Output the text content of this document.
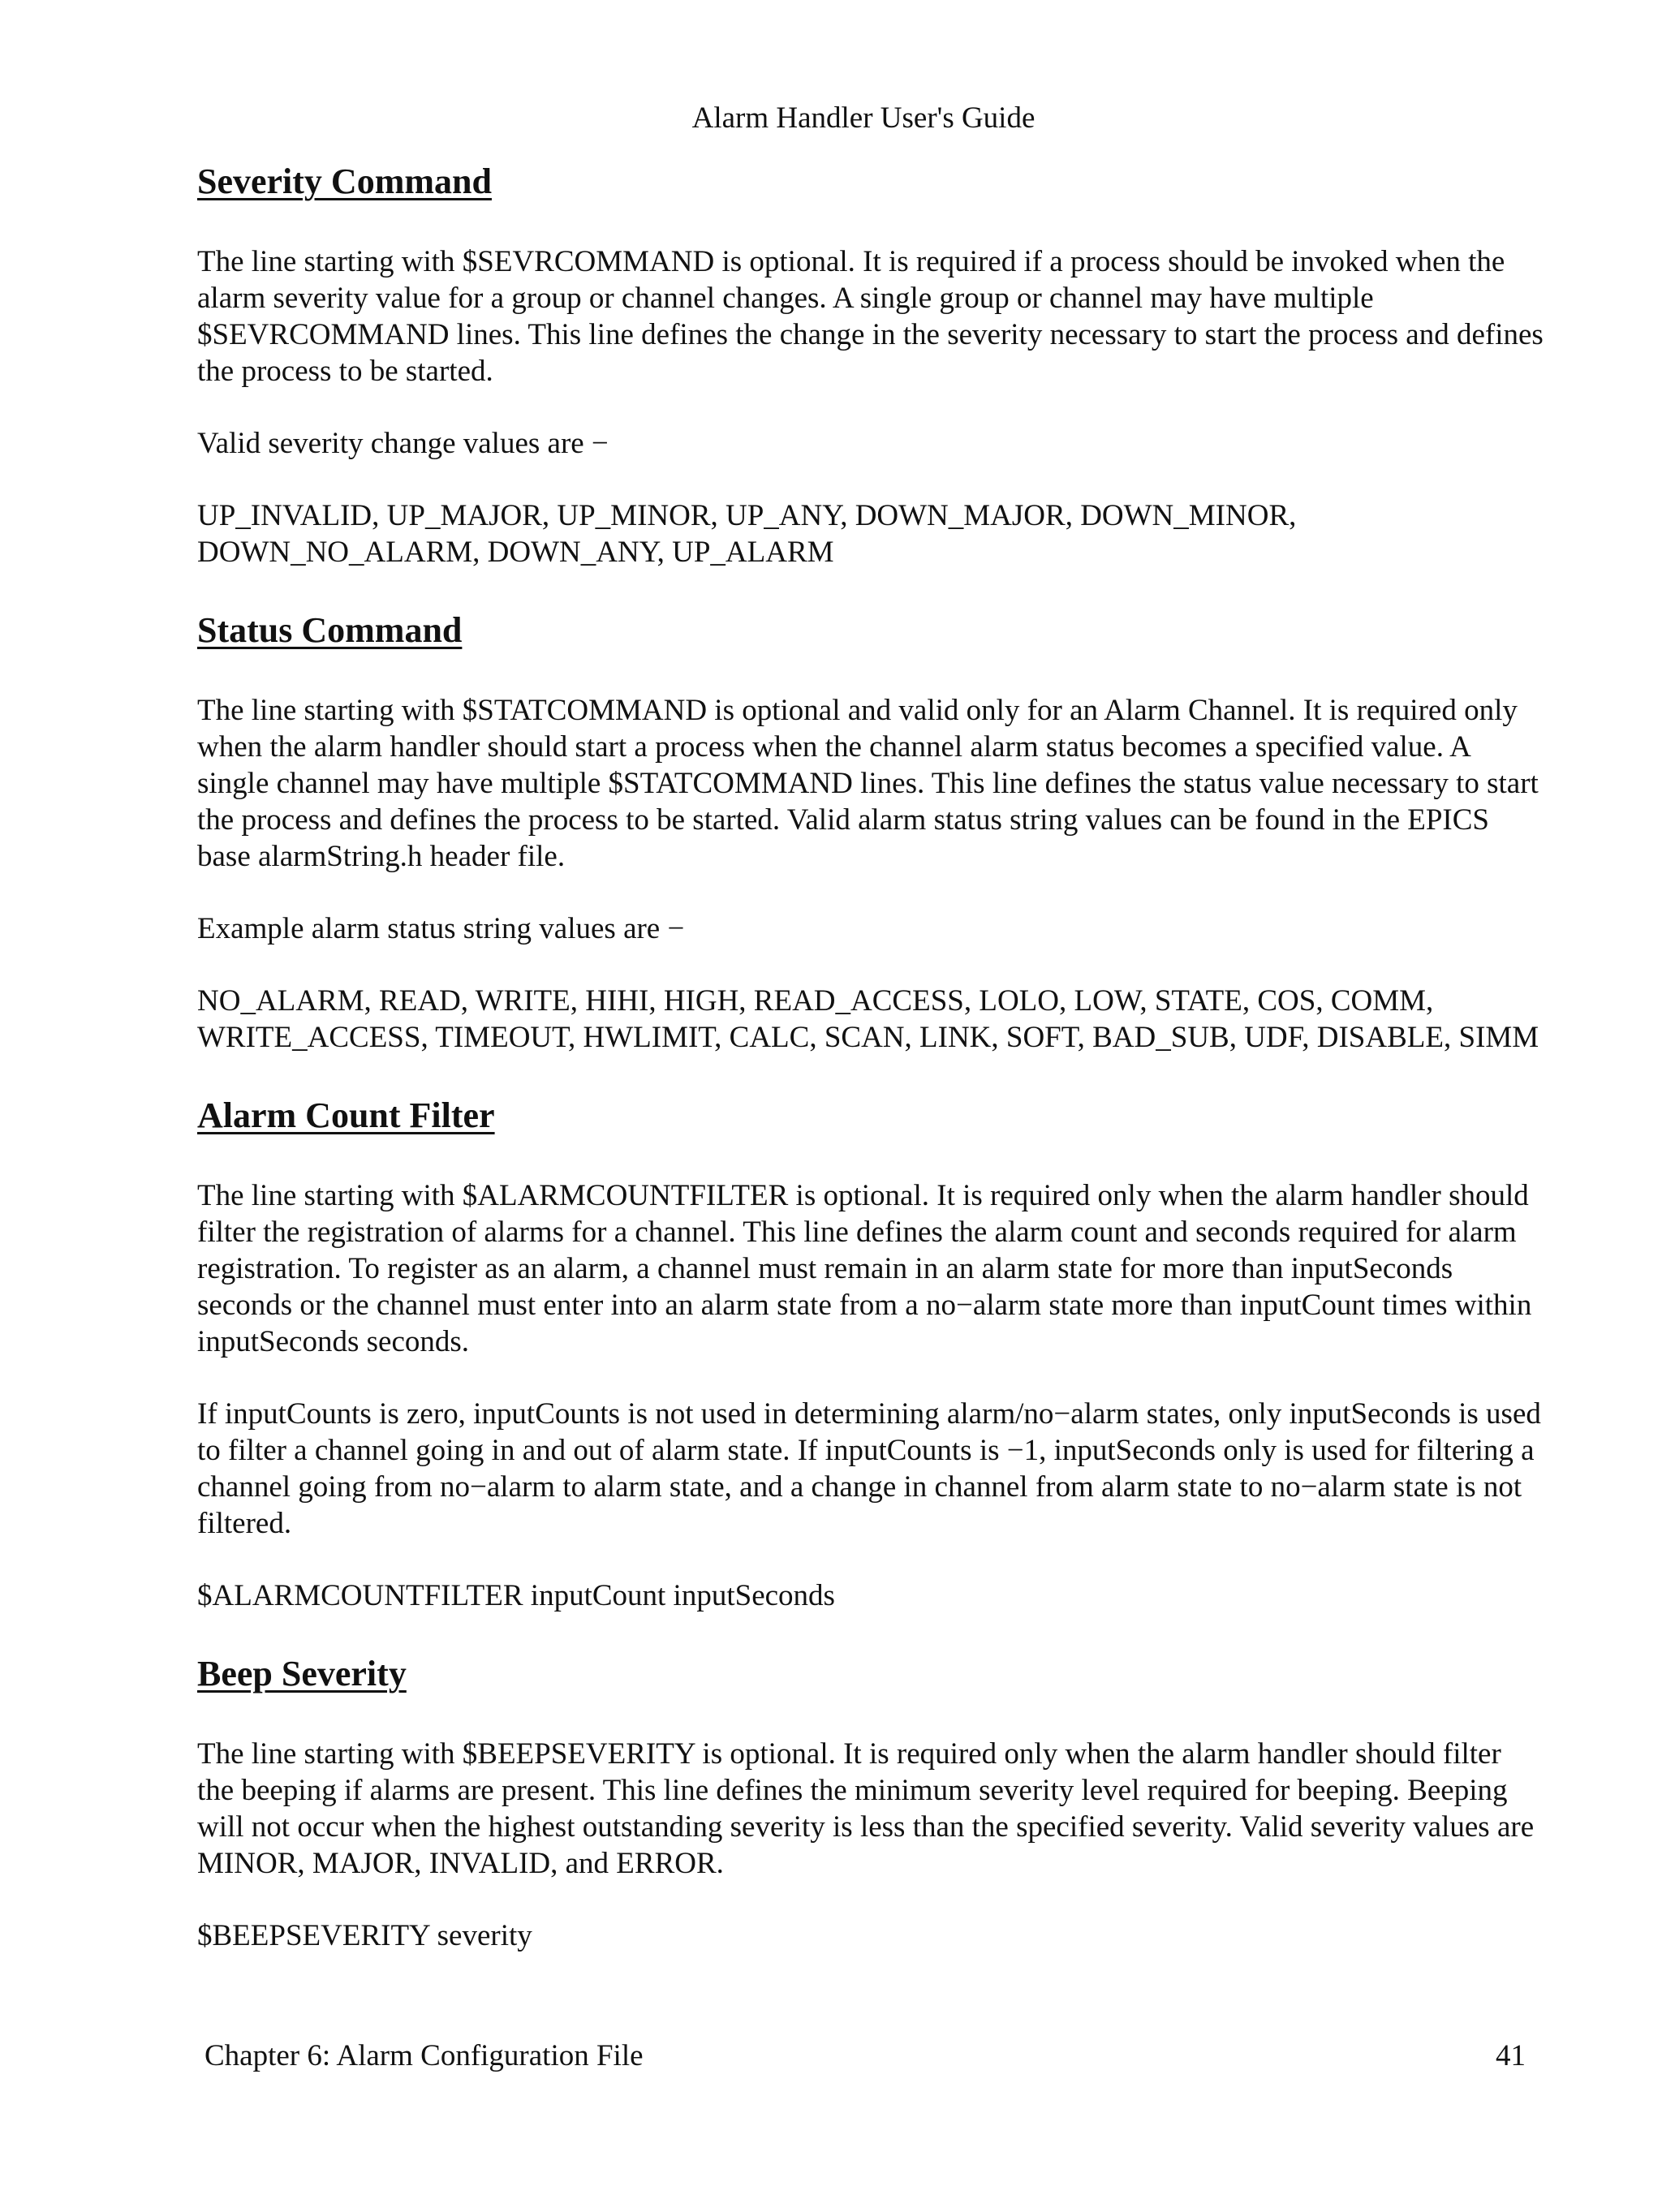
Alarm Handler User's Guide
Severity Command

The line starting with $SEVRCOMMAND is optional. It is required if a process should be invoked when the alarm severity value for a group or channel changes. A single group or channel may have multiple $SEVRCOMMAND lines. This line defines the change in the severity necessary to start the process and defines the process to be started.

Valid severity change values are −

UP_INVALID, UP_MAJOR, UP_MINOR, UP_ANY, DOWN_MAJOR, DOWN_MINOR, DOWN_NO_ALARM, DOWN_ANY, UP_ALARM

Status Command

The line starting with $STATCOMMAND is optional and valid only for an Alarm Channel. It is required only when the alarm handler should start a process when the channel alarm status becomes a specified value. A single channel may have multiple $STATCOMMAND lines. This line defines the status value necessary to start the process and defines the process to be started. Valid alarm status string values can be found in the EPICS base alarmString.h header file.

Example alarm status string values are −

NO_ALARM, READ, WRITE, HIHI, HIGH, READ_ACCESS, LOLO, LOW, STATE, COS, COMM, WRITE_ACCESS, TIMEOUT, HWLIMIT, CALC, SCAN, LINK, SOFT, BAD_SUB, UDF, DISABLE, SIMM

Alarm Count Filter

The line starting with $ALARMCOUNTFILTER is optional. It is required only when the alarm handler should filter the registration of alarms for a channel. This line defines the alarm count and seconds required for alarm registration. To register as an alarm, a channel must remain in an alarm state for more than inputSeconds seconds or the channel must enter into an alarm state from a no−alarm state more than inputCount times within inputSeconds seconds.

If inputCounts is zero, inputCounts is not used in determining alarm/no−alarm states, only inputSeconds is used to filter a channel going in and out of alarm state. If inputCounts is −1, inputSeconds only is used for filtering a channel going from no−alarm to alarm state, and a change in channel from alarm state to no−alarm state is not filtered.

$ALARMCOUNTFILTER inputCount inputSeconds

Beep Severity

The line starting with $BEEPSEVERITY is optional. It is required only when the alarm handler should filter the beeping if alarms are present. This line defines the minimum severity level required for beeping. Beeping will not occur when the highest outstanding severity is less than the specified severity. Valid severity values are MINOR, MAJOR, INVALID, and ERROR.

$BEEPSEVERITY severity

Chapter 6: Alarm Configuration File	41
